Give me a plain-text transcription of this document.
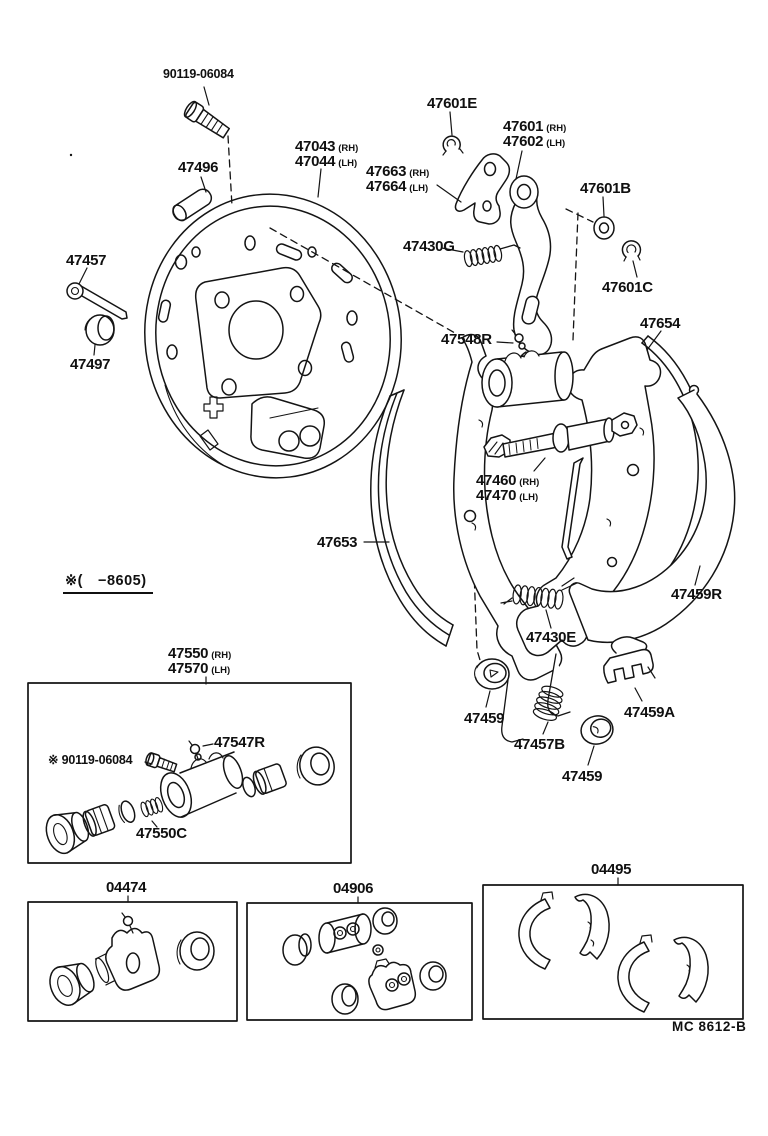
90119-06084
47496
47043 (RH)
47044 (LH) 47663 (RH)
47664 (LH)
47601E
47601 (RH)
47602 (LH)
47601B
47601C
47430G
47548R
47654
47457
47497
47460 (RH)
47470 (LH)
47653
47459R
47430E
※(　−8605)
47550 (RH)
47570 (LH)
47547R
※ 90119-06084
47550C
47459
47457B
47459
47459A
04474	04906
04495
MC 8612-B
